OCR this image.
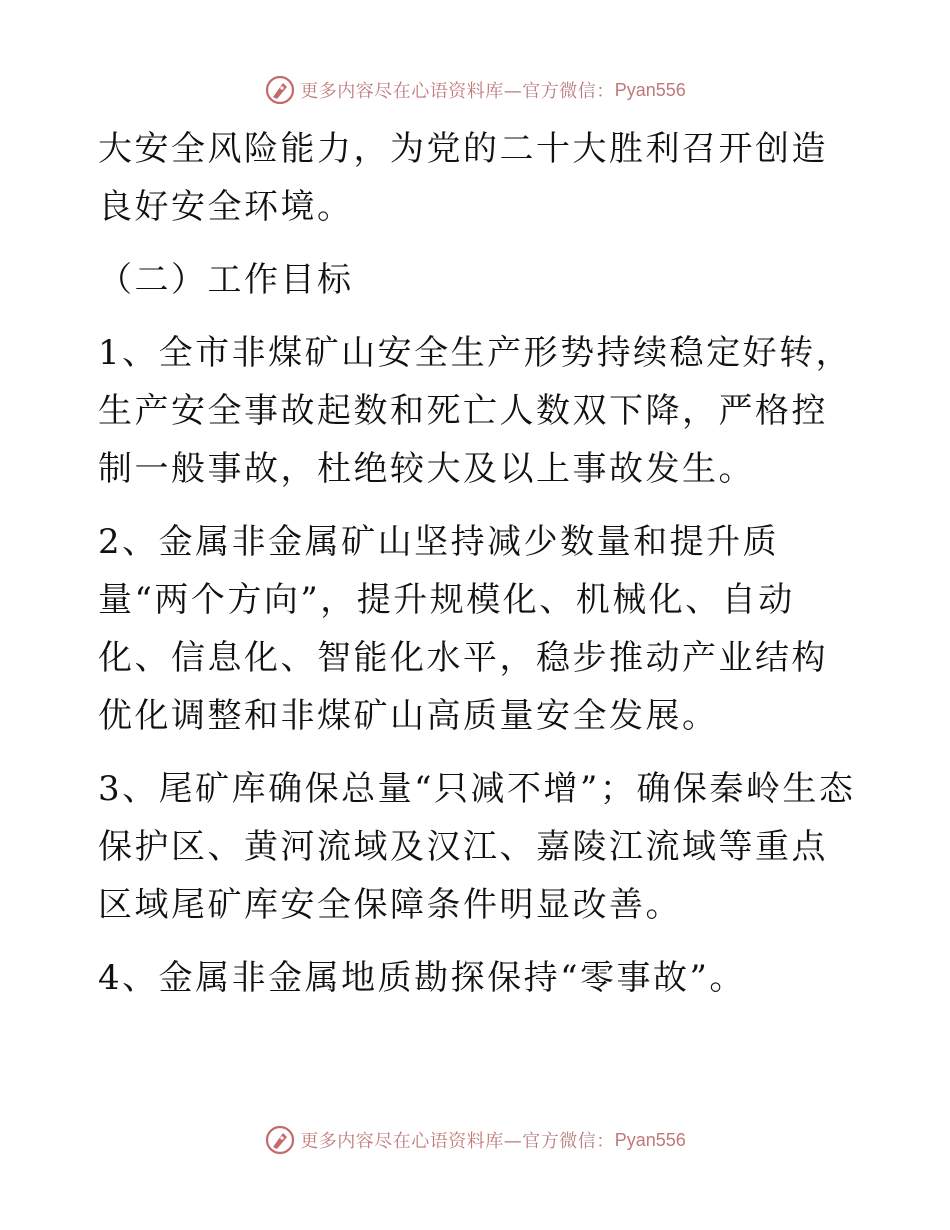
更多内容尽在心语资料库 —官方微信： Pyan556

大安全风险能力，为党的二十大胜利召开创造良好安全环境。

（二）工作目标

1、全市非煤矿山安全生产形势持续稳定好转，生产安全事故起数和死亡人数双下降，严格控制一般事故，杜绝较大及以上事故发生。

2、金属非金属矿山坚持减少数量和提升质量“两个方向”，提升规模化、机械化、自动化、信息化、智能化水平，稳步推动产业结构优化调整和非煤矿山高质量安全发展。

3、尾矿库确保总量“只减不增”；确保秦岭生态保护区、黄河流域及汉江、嘉陵江流域等重点区域尾矿库安全保障条件明显改善。

4、金属非金属地质勘探保持“零事故”。

更多内容尽在心语资料库 —官方微信： Pyan556
